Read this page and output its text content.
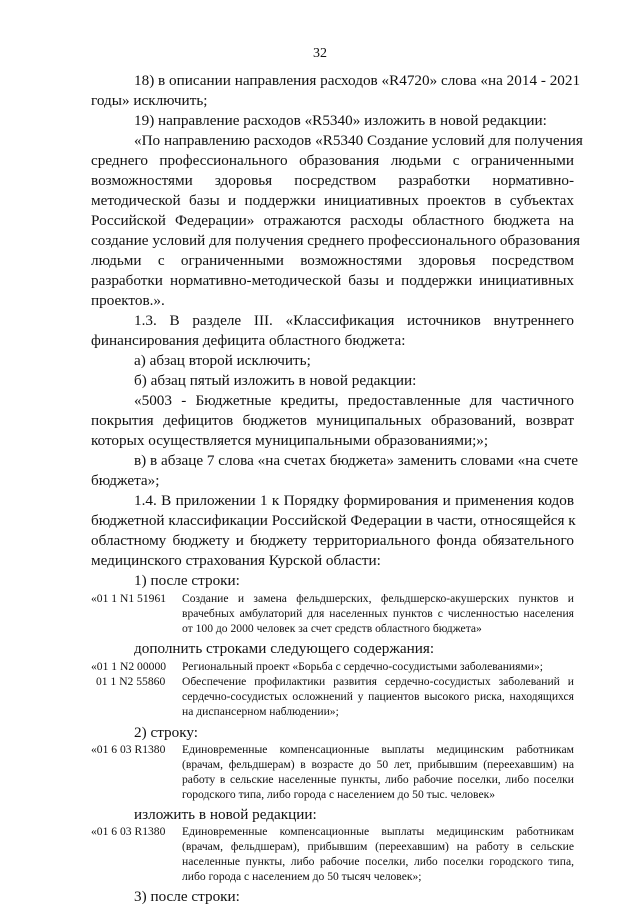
32
18) в описании направления расходов «R4720» слова «на 2014 - 2021
годы» исключить;
19) направление расходов «R5340» изложить в новой редакции:
«По направлению расходов «R5340 Создание условий для получения
среднего профессионального образования людьми с ограниченными
возможностями здоровья посредством разработки нормативно-
методической базы и поддержки инициативных проектов в субъектах
Российской Федерации» отражаются расходы областного бюджета на
создание условий для получения среднего профессионального образования
людьми с ограниченными возможностями здоровья посредством
разработки нормативно-методической базы и поддержки инициативных
проектов.».
1.3. В разделе III. «Классификация источников внутреннего
финансирования дефицита областного бюджета:
а) абзац второй исключить;
б) абзац пятый изложить в новой редакции:
«5003 - Бюджетные кредиты, предоставленные для частичного
покрытия дефицитов бюджетов муниципальных образований, возврат
которых осуществляется муниципальными образованиями;»;
в) в абзаце 7 слова «на счетах бюджета» заменить словами «на счете
бюджета»;
1.4. В приложении 1 к Порядку формирования и применения кодов
бюджетной классификации Российской Федерации в части, относящейся к
областному бюджету и бюджету территориального фонда обязательного
медицинского страхования Курской области:
1) после строки:
«01 1 N1 51961 Создание и замена фельдшерских, фельдшерско-акушерских пунктов и
врачебных амбулаторий для населенных пунктов с численностью населения
от 100 до 2000 человек за счет средств областного бюджета»
дополнить строками следующего содержания:
«01 1 N2 00000 Региональный проект «Борьба с сердечно-сосудистыми заболеваниями»;
01 1 N2 55860 Обеспечение профилактики развития сердечно-сосудистых заболеваний и
сердечно-сосудистых осложнений у пациентов высокого риска, находящихся
на диспансерном наблюдении»;
2) строку:
«01 6 03 R1380 Единовременные компенсационные выплаты медицинским работникам
(врачам, фельдшерам) в возрасте до 50 лет, прибывшим (переехавшим) на
работу в сельские населенные пункты, либо рабочие поселки, либо поселки
городского типа, либо города с населением до 50 тыс. человек»
изложить в новой редакции:
«01 6 03 R1380 Единовременные компенсационные выплаты медицинским работникам
(врачам, фельдшерам), прибывшим (переехавшим) на работу в сельские
населенные пункты, либо рабочие поселки, либо поселки городского типа,
либо города с населением до 50 тысяч человек»;
3) после строки:
